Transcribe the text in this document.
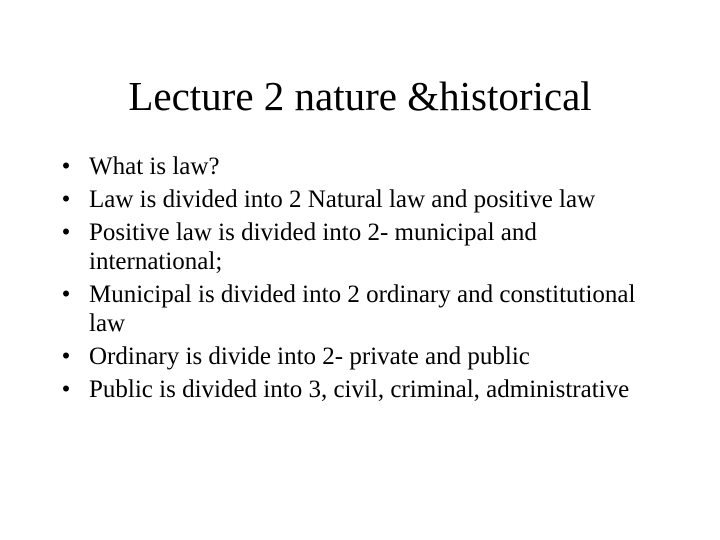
Lecture 2 nature &historical
• What is law?
• Law is divided into 2 Natural law and positive law
• Positive law is divided into 2- municipal and international;
• Municipal is divided into 2 ordinary and constitutional law
• Ordinary is divide into 2- private and public
• Public is divided into 3, civil, criminal, administrative
